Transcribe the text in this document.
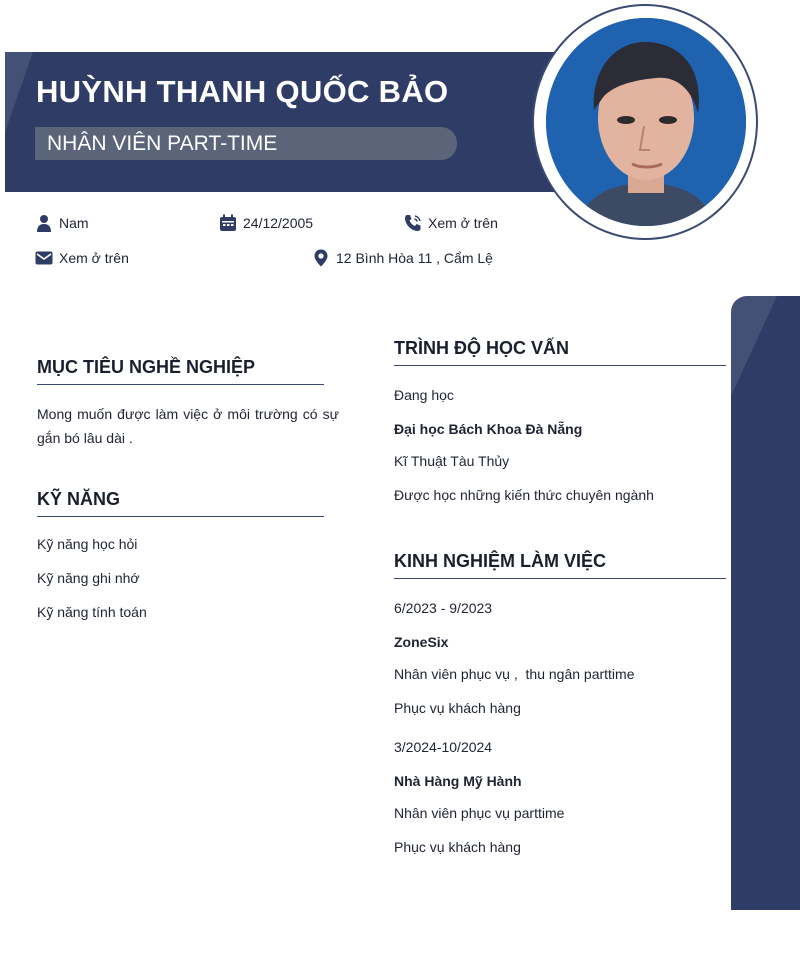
HUỲNH THANH QUỐC BẢO
NHÂN VIÊN PART-TIME
Nam	24/12/2005	Xem ở trên
Xem ở trên	12 Bình Hòa 11 , Cẩm Lệ
MỤC TIÊU NGHỀ NGHIỆP

Mong muốn được làm việc ở môi trường có sự gắn bó lâu dài .

KỸ NĂNG
Kỹ năng học hỏi
Kỹ năng ghi nhớ
Kỹ năng tính toán
TRÌNH ĐỘ HỌC VẤN
Đang học
Đại học Bách Khoa Đà Nẵng
Kĩ Thuật Tàu Thủy
Được học những kiến thức chuyên ngành
KINH NGHIỆM LÀM VIỆC
6/2023 - 9/2023
ZoneSix
Nhân viên phục vụ ,  thu ngân parttime
Phục vụ khách hàng
3/2024-10/2024
Nhà Hàng Mỹ Hành
Nhân viên phục vụ parttime
Phục vụ khách hàng
